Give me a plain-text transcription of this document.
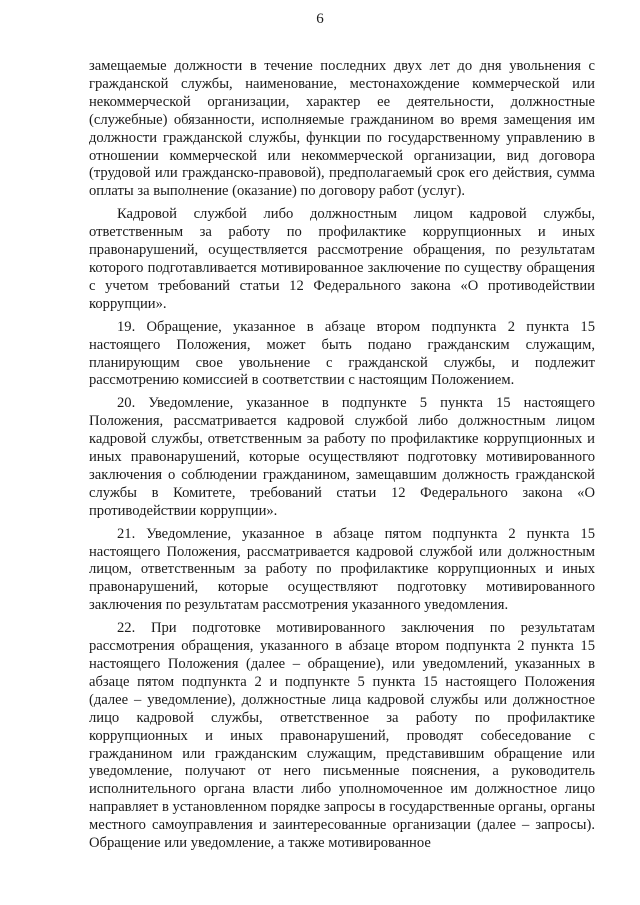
6

замещаемые должности в течение последних двух лет до дня увольнения с гражданской службы, наименование, местонахождение коммерческой или некоммерческой организации, характер ее деятельности, должностные (служебные) обязанности, исполняемые гражданином во время замещения им должности гражданской службы, функции по государственному управлению в отношении коммерческой или некоммерческой организации, вид договора (трудовой или гражданско-правовой), предполагаемый срок его действия, сумма оплаты за выполнение (оказание) по договору работ (услуг).

Кадровой службой либо должностным лицом кадровой службы, ответственным за работу по профилактике коррупционных и иных правонарушений, осуществляется рассмотрение обращения, по результатам которого подготавливается мотивированное заключение по существу обращения с учетом требований статьи 12 Федерального закона «О противодействии коррупции».

19. Обращение, указанное в абзаце втором подпункта 2 пункта 15 настоящего Положения, может быть подано гражданским служащим, планирующим свое увольнение с гражданской службы, и подлежит рассмотрению комиссией в соответствии с настоящим Положением.

20. Уведомление, указанное в подпункте 5 пункта 15 настоящего Положения, рассматривается кадровой службой либо должностным лицом кадровой службы, ответственным за работу по профилактике коррупционных и иных правонарушений, которые осуществляют подготовку мотивированного заключения о соблюдении гражданином, замещавшим должность гражданской службы в Комитете, требований статьи 12 Федерального закона «О противодействии коррупции».

21. Уведомление, указанное в абзаце пятом подпункта 2 пункта 15 настоящего Положения, рассматривается кадровой службой или должностным лицом, ответственным за работу по профилактике коррупционных и иных правонарушений, которые осуществляют подготовку мотивированного заключения по результатам рассмотрения указанного уведомления.

22. При подготовке мотивированного заключения по результатам рассмотрения обращения, указанного в абзаце втором подпункта 2 пункта 15 настоящего Положения (далее – обращение), или уведомлений, указанных в абзаце пятом подпункта 2 и подпункте 5 пункта 15 настоящего Положения (далее – уведомление), должностные лица кадровой службы или должностное лицо кадровой службы, ответственное за работу по профилактике коррупционных и иных правонарушений, проводят собеседование с гражданином или гражданским служащим, представившим обращение или уведомление, получают от него письменные пояснения, а руководитель исполнительного органа власти либо уполномоченное им должностное лицо направляет в установленном порядке запросы в государственные органы, органы местного самоуправления и заинтересованные организации (далее – запросы). Обращение или уведомление, а также мотивированное
